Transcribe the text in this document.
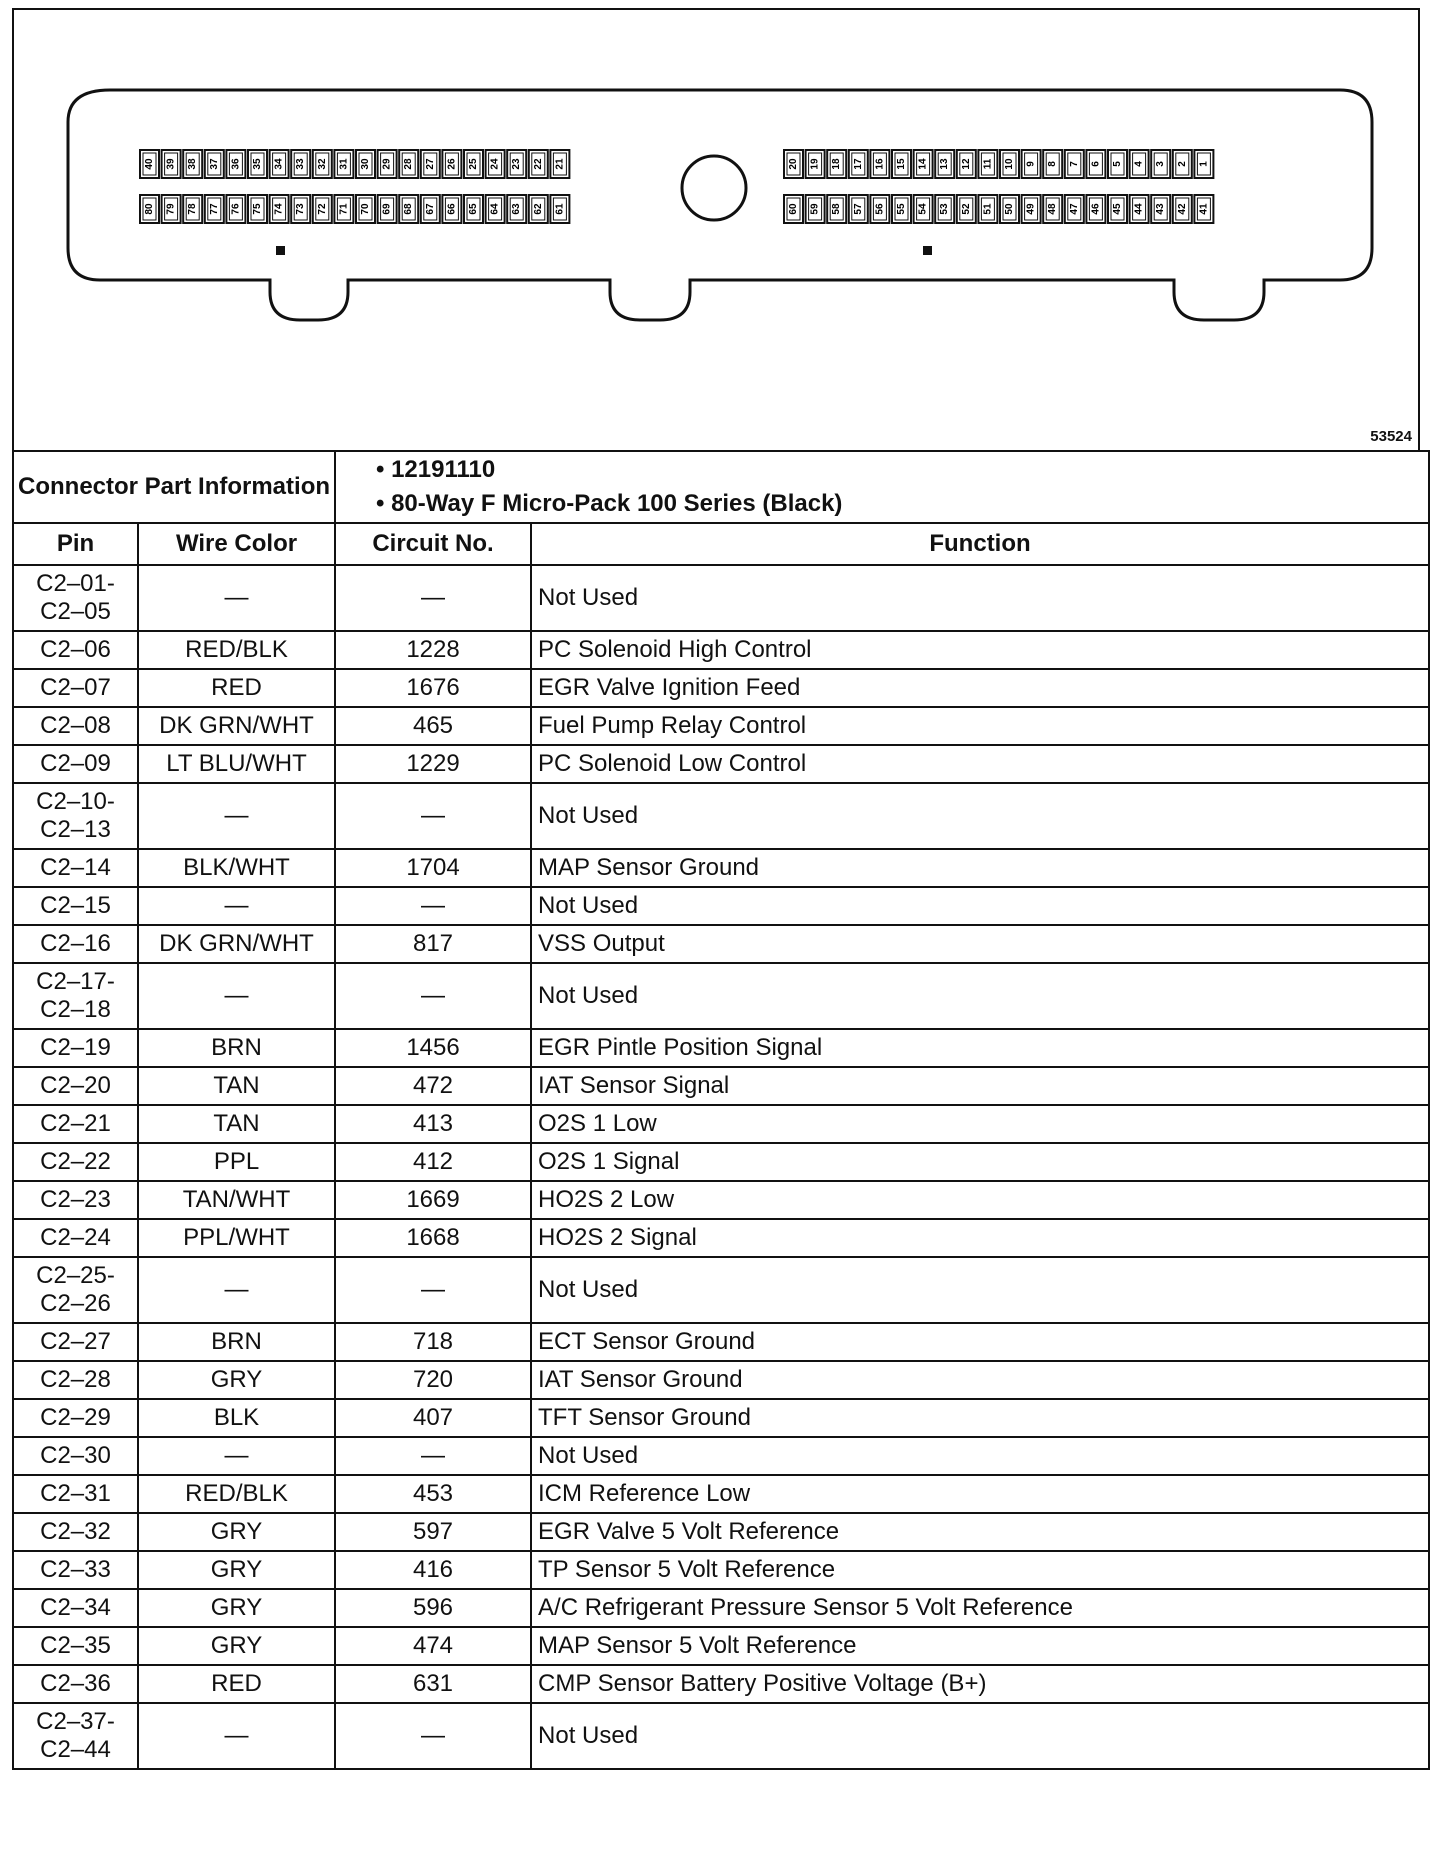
40 39 38 37 36 35 34 33 32 31 30 29 28 27 26 25 24 23 22 21
80 79 78 77 76 75 74 73 72 71 70 69 68 67 66 65 64 63 62 61
20 19 18 17 16 15 14 13 12 11 10 9 8 7 6 5 4 3 2 1
60 59 58 57 56 55 54 53 52 51 50 49 48 47 46 45 44 43 42 41
53524
Connector Part Information		• 12191110
• 80-Way F Micro-Pack 100 Series (Black)	

Pin	Wire Color	Circuit No.	Function
C2–01-
C2–05	—	—	Not Used
C2–06	RED/BLK	1228	PC Solenoid High Control
C2–07	RED	1676	EGR Valve Ignition Feed
C2–08	DK GRN/WHT	465	Fuel Pump Relay Control
C2–09	LT BLU/WHT	1229	PC Solenoid Low Control
C2–10-
C2–13	—	—	Not Used
C2–14	BLK/WHT	1704	MAP Sensor Ground
C2–15	—	—	Not Used
C2–16	DK GRN/WHT	817	VSS Output
C2–17-
C2–18	—	—	Not Used
C2–19	BRN	1456	EGR Pintle Position Signal
C2–20	TAN	472	IAT Sensor Signal
C2–21	TAN	413	O2S 1 Low
C2–22	PPL	412	O2S 1 Signal
C2–23	TAN/WHT	1669	HO2S 2 Low
C2–24	PPL/WHT	1668	HO2S 2 Signal
C2–25-
C2–26	—	—	Not Used
C2–27	BRN	718	ECT Sensor Ground
C2–28	GRY	720	IAT Sensor Ground
C2–29	BLK	407	TFT Sensor Ground
C2–30	—	—	Not Used
C2–31	RED/BLK	453	ICM Reference Low
C2–32	GRY	597	EGR Valve 5 Volt Reference
C2–33	GRY	416	TP Sensor 5 Volt Reference
C2–34	GRY	596	A/C Refrigerant Pressure Sensor 5 Volt Reference
C2–35	GRY	474	MAP Sensor 5 Volt Reference
C2–36	RED	631	CMP Sensor Battery Positive Voltage (B+)
C2–37-
C2–44	—	—	Not Used
